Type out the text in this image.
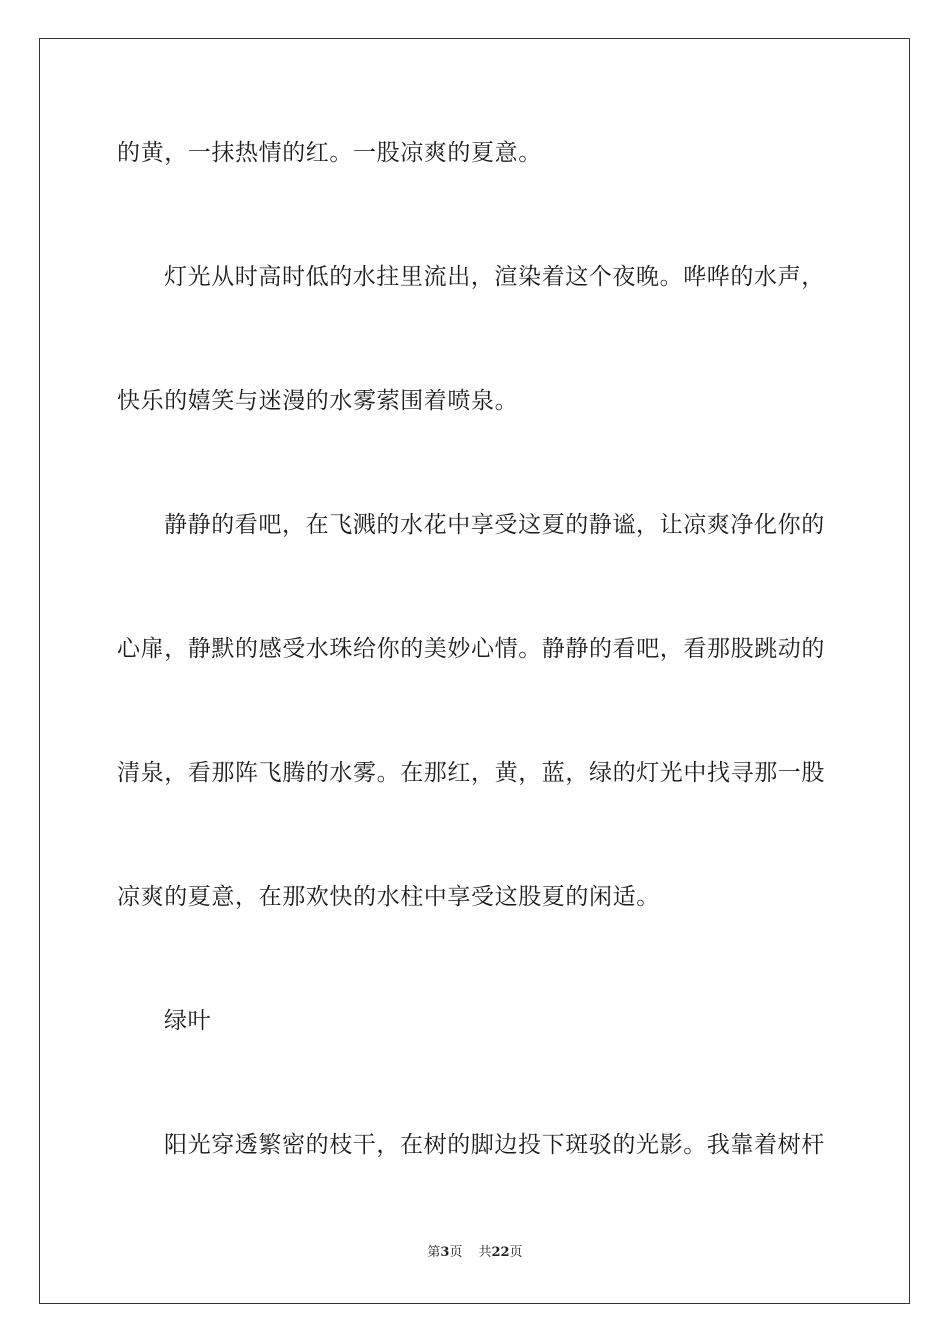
的黄，一抹热情的红。一股凉爽的夏意。
灯光从时高时低的水拄里流出，渲染着这个夜晚。哗哗的水声，
快乐的嬉笑与迷漫的水雾萦围着喷泉。
静静的看吧，在飞溅的水花中享受这夏的静谧，让凉爽净化你的
心扉，静默的感受水珠给你的美妙心情。静静的看吧，看那股跳动的
清泉，看那阵飞腾的水雾。在那红，黄，蓝，绿的灯光中找寻那一股
凉爽的夏意，在那欢快的水柱中享受这股夏的闲适。
绿叶
阳光穿透繁密的枝干，在树的脚边投下斑驳的光影。我靠着树杆
第3页 共22页
